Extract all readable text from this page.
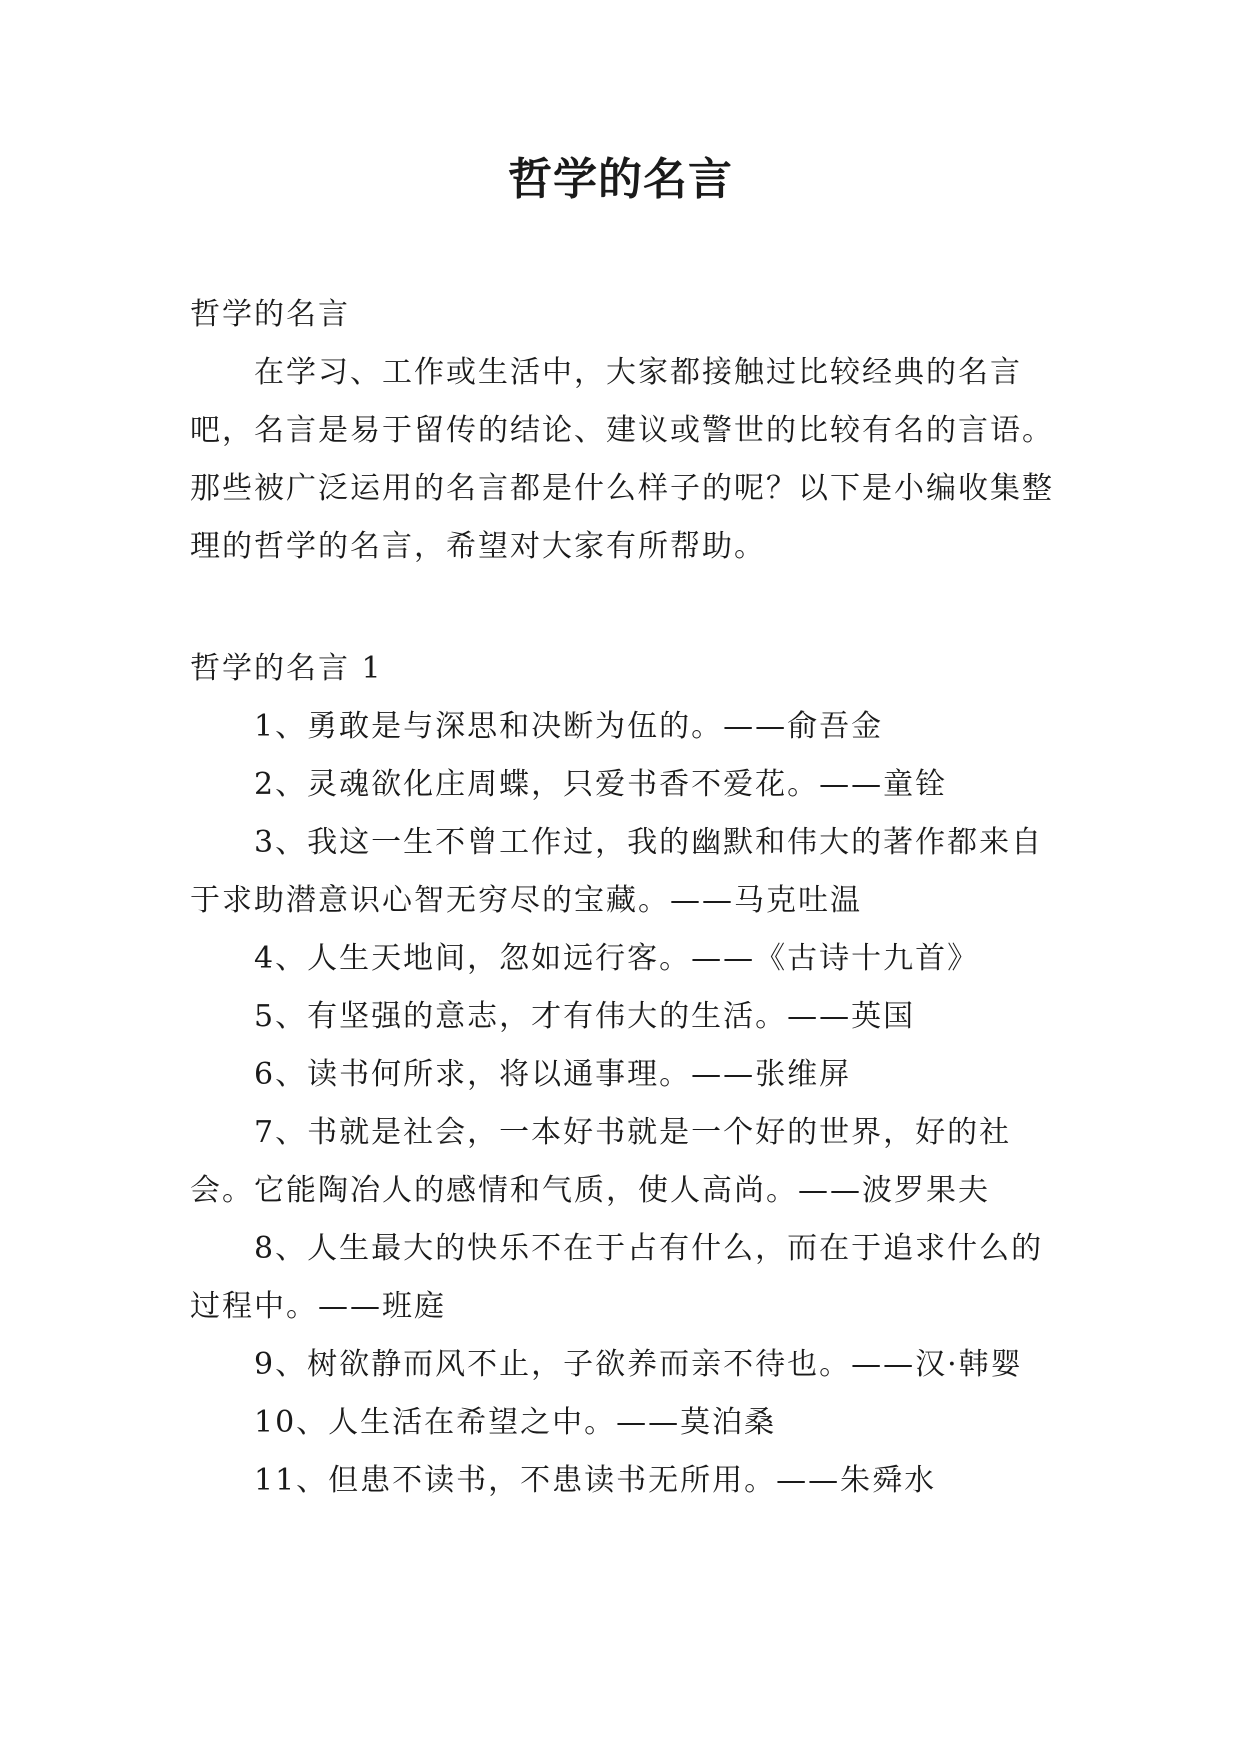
哲学的名言

哲学的名言

在学习、工作或生活中，大家都接触过比较经典的名言吧，名言是易于留传的结论、建议或警世的比较有名的言语。那些被广泛运用的名言都是什么样子的呢？以下是小编收集整理的哲学的名言，希望对大家有所帮助。

哲学的名言 1

1、勇敢是与深思和决断为伍的。——俞吾金

2、灵魂欲化庄周蝶，只爱书香不爱花。——童铨

3、我这一生不曾工作过，我的幽默和伟大的著作都来自于求助潜意识心智无穷尽的宝藏。——马克吐温

4、人生天地间，忽如远行客。——《古诗十九首》

5、有坚强的意志，才有伟大的生活。——英国

6、读书何所求，将以通事理。——张维屏

7、书就是社会，一本好书就是一个好的世界，好的社会。它能陶冶人的感情和气质，使人高尚。——波罗果夫

8、人生最大的快乐不在于占有什么，而在于追求什么的过程中。——班庭

9、树欲静而风不止，子欲养而亲不待也。——汉·韩婴

10、人生活在希望之中。——莫泊桑

11、但患不读书，不患读书无所用。——朱舜水
